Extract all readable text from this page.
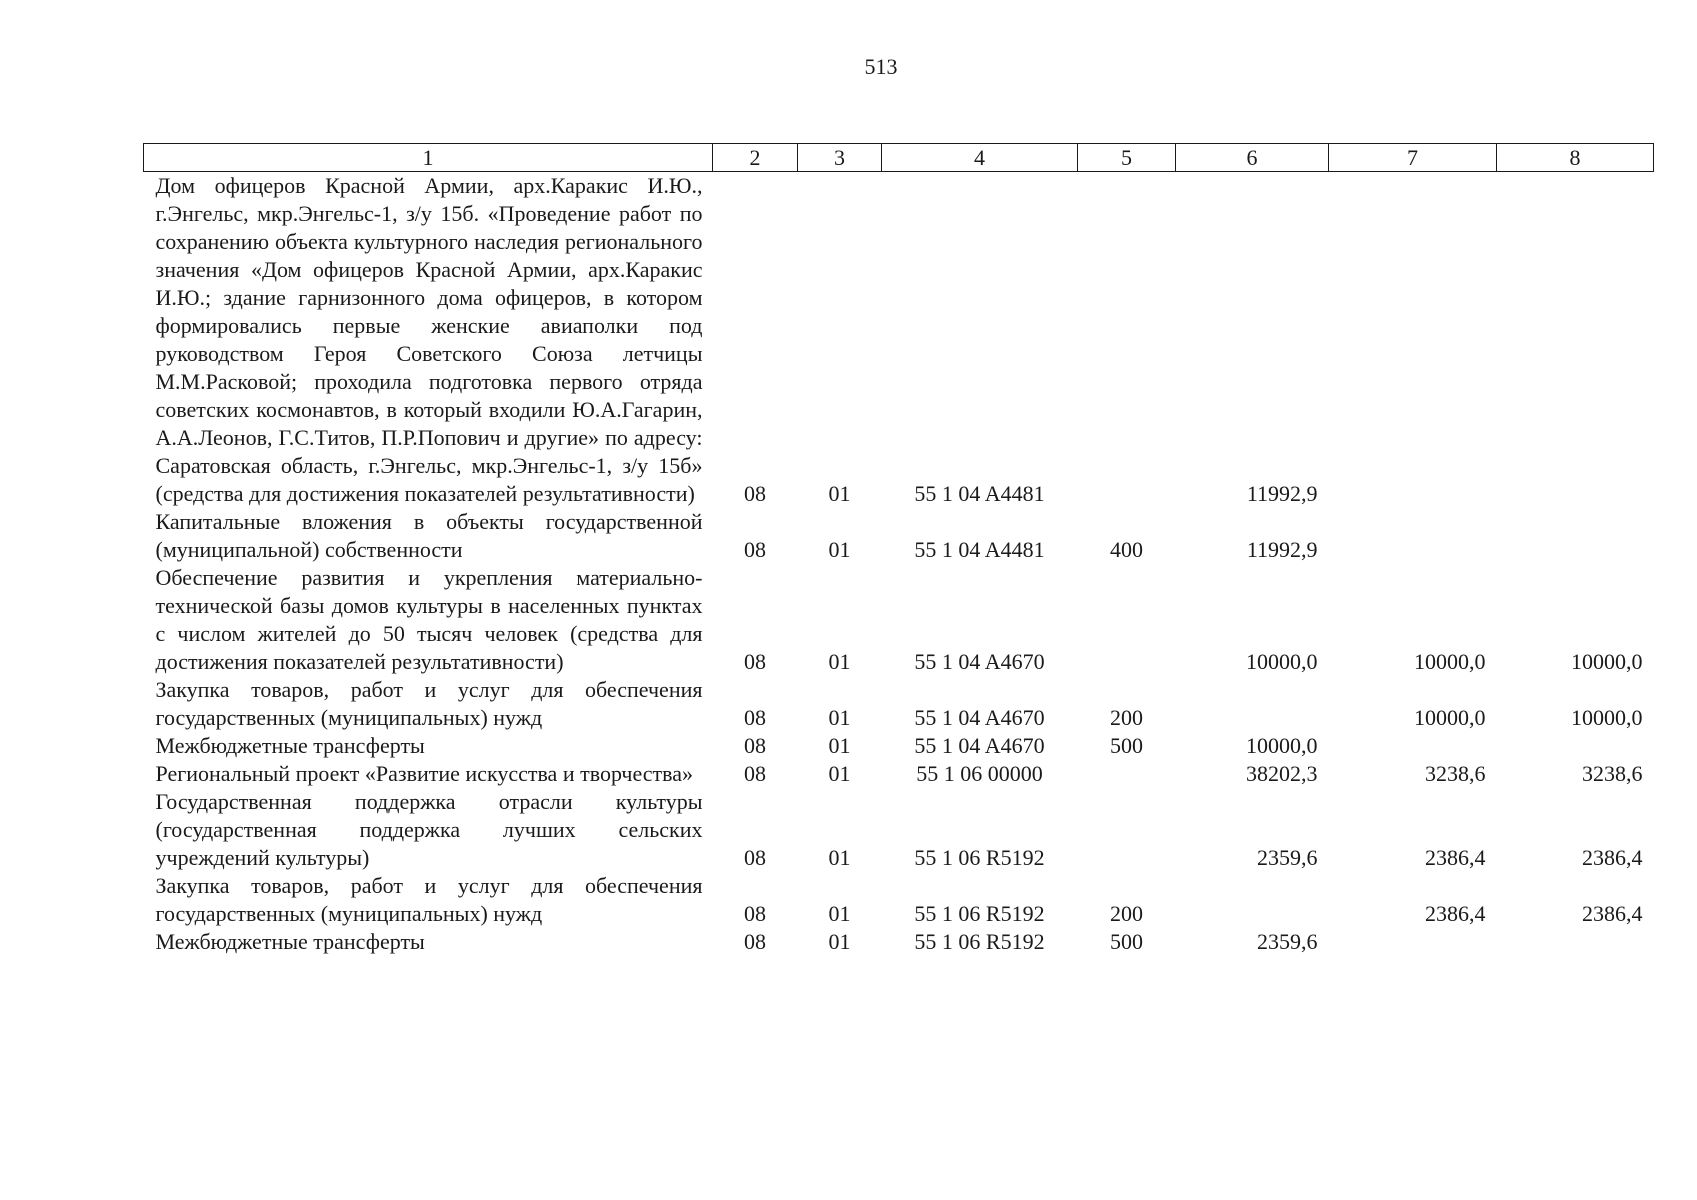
513
1	2	3	4	5	6	7	8
Дом офицеров Красной Армии, арх.Каракис И.Ю., г.Энгельс, мкр.Энгельс-1, з/у 15б. «Проведение работ по сохранению объекта культурного наследия регионального значения «Дом офицеров Красной Армии, арх.Каракис И.Ю.; здание гарнизонного дома офицеров, в котором формировались первые женские авиаполки под руководством Героя Советского Союза летчицы М.М.Расковой; проходила подготовка первого отряда советских космонавтов, в который входили Ю.А.Гагарин, А.А.Леонов, Г.С.Титов, П.Р.Попович и другие» по адресу: Саратовская область, г.Энгельс, мкр.Энгельс-1, з/у 15б» (средства для достижения показателей результативности)	08	01	55 1 04 A4481		11992,9		
Капитальные вложения в объекты государственной (муниципальной) собственности	08	01	55 1 04 A4481	400	11992,9		
Обеспечение развития и укрепления материально-технической базы домов культуры в населенных пунктах с числом жителей до 50 тысяч человек (средства для достижения показателей результативности)	08	01	55 1 04 A4670		10000,0	10000,0	10000,0
Закупка товаров, работ и услуг для обеспечения государственных (муниципальных) нужд	08	01	55 1 04 A4670	200		10000,0	10000,0
Межбюджетные трансферты	08	01	55 1 04 A4670	500	10000,0		
Региональный проект «Развитие искусства и творчества»	08	01	55 1 06 00000		38202,3	3238,6	3238,6
Государственная поддержка отрасли культуры (государственная поддержка лучших сельских учреждений культуры)	08	01	55 1 06 R5192		2359,6	2386,4	2386,4
Закупка товаров, работ и услуг для обеспечения государственных (муниципальных) нужд	08	01	55 1 06 R5192	200		2386,4	2386,4
Межбюджетные трансферты	08	01	55 1 06 R5192	500	2359,6		
